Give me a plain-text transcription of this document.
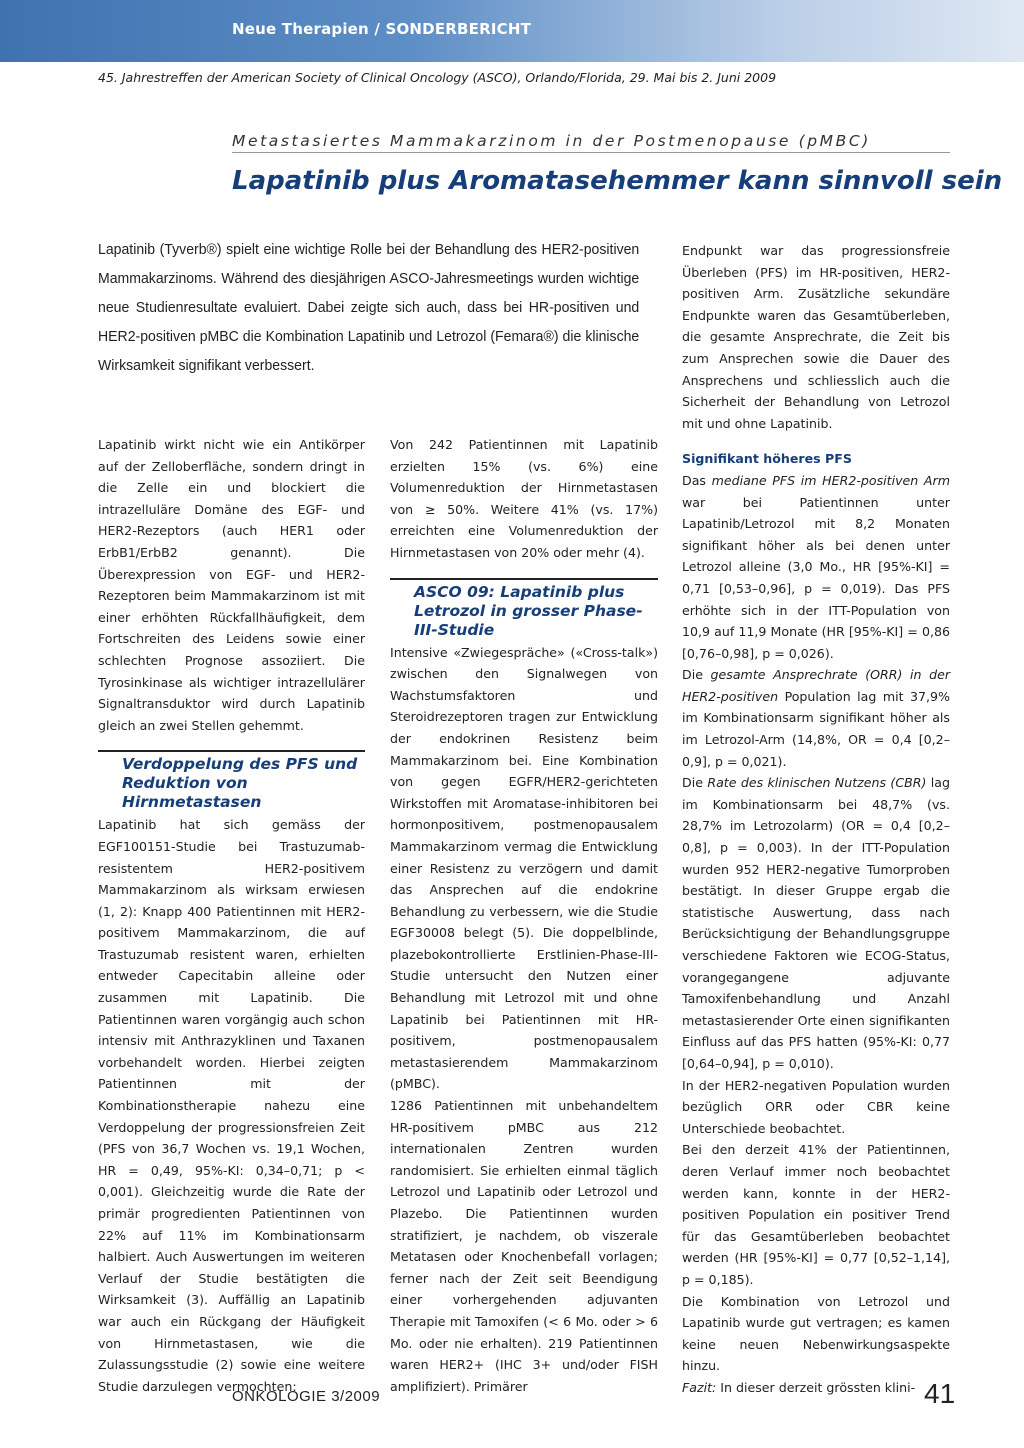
Neue Therapien / SONDERBERICHT
45. Jahrestreffen der American Society of Clinical Oncology (ASCO), Orlando/Florida, 29. Mai bis 2. Juni 2009
Metastasiertes Mammakarzinom in der Postmenopause (pMBC)
Lapatinib plus Aromatasehemmer kann sinnvoll sein
Lapatinib (Tyverb®) spielt eine wichtige Rolle bei der Behandlung des HER2-positiven Mammakarzinoms. Während des diesjährigen ASCO-Jahresmeetings wurden wichtige neue Studienresultate evaluiert. Dabei zeigte sich auch, dass bei HR-positiven und HER2-positiven pMBC die Kombination Lapatinib und Letrozol (Femara®) die klinische Wirksamkeit signifikant verbessert.

Lapatinib wirkt nicht wie ein Antikörper auf der Zelloberfläche, sondern dringt in die Zelle ein und blockiert die intrazelluläre Domäne des EGF- und HER2-Rezeptors (auch HER1 oder ErbB1/ErbB2 genannt). Die Überexpression von EGF- und HER2-Rezeptoren beim Mammakarzinom ist mit einer erhöhten Rückfallhäufigkeit, dem Fortschreiten des Leidens sowie einer schlechten Prognose assoziiert. Die Tyrosinkinase als wichtiger intrazellulärer Signaltransduktor wird durch Lapatinib gleich an zwei Stellen gehemmt.

Verdoppelung des PFS und Reduktion von Hirnmetastasen

Lapatinib hat sich gemäss der EGF100151-Studie bei Trastuzumab-resistentem HER2-positivem Mammakarzinom als wirksam erwiesen (1, 2): Knapp 400 Patientinnen mit HER2-positivem Mammakarzinom, die auf Trastuzumab resistent waren, erhielten entweder Capecitabin alleine oder zusammen mit Lapatinib. Die Patientinnen waren vorgängig auch schon intensiv mit Anthrazyklinen und Taxanen vorbehandelt worden. Hierbei zeigten Patientinnen mit der Kombinationstherapie nahezu eine Verdoppelung der progressionsfreien Zeit (PFS von 36,7 Wochen vs. 19,1 Wochen, HR = 0,49, 95%-KI: 0,34–0,71; p < 0,001). Gleichzeitig wurde die Rate der primär progredienten Patientinnen von 22% auf 11% im Kombinationsarm halbiert. Auch Auswertungen im weiteren Verlauf der Studie bestätigten die Wirksamkeit (3). Auffällig an Lapatinib war auch ein Rückgang der Häufigkeit von Hirnmetastasen, wie die Zulassungsstudie (2) sowie eine weitere Studie darzulegen vermochten:

Von 242 Patientinnen mit Lapatinib erzielten 15% (vs. 6%) eine Volumenreduktion der Hirnmetastasen von ≥ 50%. Weitere 41% (vs. 17%) erreichten eine Volumenreduktion der Hirnmetastasen von 20% oder mehr (4).

ASCO 09: Lapatinib plus Letrozol in grosser Phase-III-Studie

Intensive «Zwiegespräche» («Cross-talk») zwischen den Signalwegen von Wachstumsfaktoren und Steroidrezeptoren tragen zur Entwicklung der endokrinen Resistenz beim Mammakarzinom bei. Eine Kombination von gegen EGFR/HER2-gerichteten Wirkstoffen mit Aromatase-inhibitoren bei hormonpositivem, postmenopausalem Mammakarzinom vermag die Entwicklung einer Resistenz zu verzögern und damit das Ansprechen auf die endokrine Behandlung zu verbessern, wie die Studie EGF30008 belegt (5). Die doppelblinde, plazebokontrollierte Erstlinien-Phase-III-Studie untersucht den Nutzen einer Behandlung mit Letrozol mit und ohne Lapatinib bei Patientinnen mit HR-positivem, postmenopausalem metastasierendem Mammakarzinom (pMBC).

1286 Patientinnen mit unbehandeltem HR-positivem pMBC aus 212 internationalen Zentren wurden randomisiert. Sie erhielten einmal täglich Letrozol und Lapatinib oder Letrozol und Plazebo. Die Patientinnen wurden stratifiziert, je nachdem, ob viszerale Metatasen oder Knochenbefall vorlagen; ferner nach der Zeit seit Beendigung einer vorhergehenden adjuvanten Therapie mit Tamoxifen (< 6 Mo. oder > 6 Mo. oder nie erhalten). 219 Patientinnen waren HER2+ (IHC 3+ und/oder FISH amplifiziert). Primärer

Endpunkt war das progressionsfreie Überleben (PFS) im HR-positiven, HER2-positiven Arm. Zusätzliche sekundäre Endpunkte waren das Gesamtüberleben, die gesamte Ansprechrate, die Zeit bis zum Ansprechen sowie die Dauer des Ansprechens und schliesslich auch die Sicherheit der Behandlung von Letrozol mit und ohne Lapatinib.

Signifikant höheres PFS

Das mediane PFS im HER2-positiven Arm war bei Patientinnen unter Lapatinib/Letrozol mit 8,2 Monaten signifikant höher als bei denen unter Letrozol alleine (3,0 Mo., HR [95%-KI] = 0,71 [0,53–0,96], p = 0,019). Das PFS erhöhte sich in der ITT-Population von 10,9 auf 11,9 Monate (HR [95%-KI] = 0,86 [0,76–0,98], p = 0,026).

Die gesamte Ansprechrate (ORR) in der HER2-positiven Population lag mit 37,9% im Kombinationsarm signifikant höher als im Letrozol-Arm (14,8%, OR = 0,4 [0,2–0,9], p = 0,021).

Die Rate des klinischen Nutzens (CBR) lag im Kombinationsarm bei 48,7% (vs. 28,7% im Letrozolarm) (OR = 0,4 [0,2–0,8], p = 0,003). In der ITT-Population wurden 952 HER2-negative Tumorproben bestätigt. In dieser Gruppe ergab die statistische Auswertung, dass nach Berücksichtigung der Behandlungsgruppe verschiedene Faktoren wie ECOG-Status, vorangegangene adjuvante Tamoxifenbehandlung und Anzahl metastasierender Orte einen signifikanten Einfluss auf das PFS hatten (95%-KI: 0,77 [0,64–0,94], p = 0,010).

In der HER2-negativen Population wurden bezüglich ORR oder CBR keine Unterschiede beobachtet.

Bei den derzeit 41% der Patientinnen, deren Verlauf immer noch beobachtet werden kann, konnte in der HER2-positiven Population ein positiver Trend für das Gesamtüberleben beobachtet werden (HR [95%-KI] = 0,77 [0,52–1,14], p = 0,185).

Die Kombination von Letrozol und Lapatinib wurde gut vertragen; es kamen keine neuen Nebenwirkungsaspekte hinzu.

Fazit: In dieser derzeit grössten klini-

ONKOLOGIE 3/2009	41
